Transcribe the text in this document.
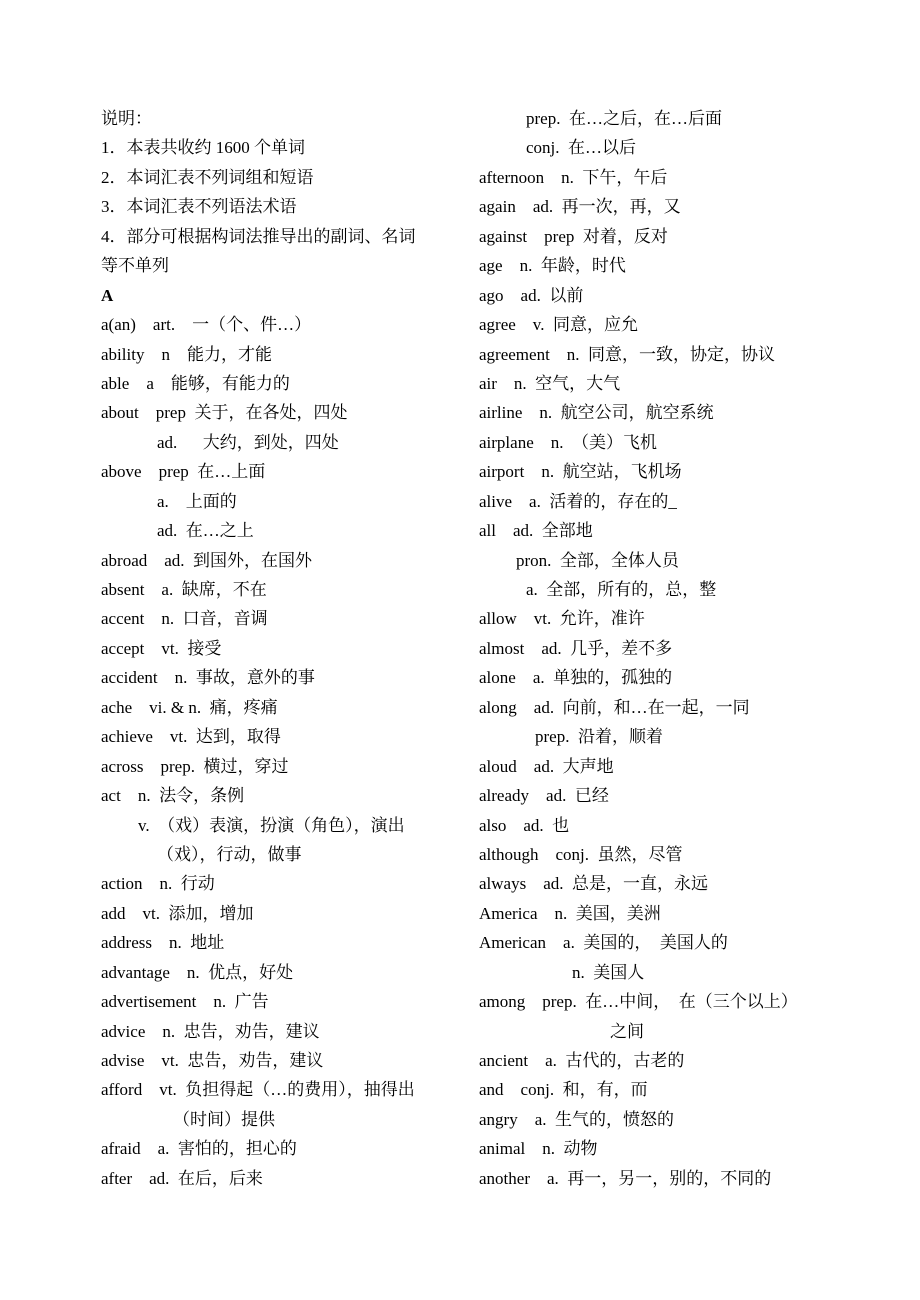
说明：
1．本表共收约 1600 个单词
2．本词汇表不列词组和短语
3．本词汇表不列语法术语
4．部分可根据构词法推导出的副词、名词
等不单列
A
a(an)    art.    一（个、件…）
ability    n    能力，才能
able    a    能够，有能力的
about    prep  关于，在各处，四处
ad.      大约，到处，四处
above    prep  在…上面
a.    上面的
ad.  在…之上
abroad    ad.  到国外，在国外
absent    a.  缺席，不在
accent    n.  口音，音调
accept    vt.  接受
accident    n.  事故，意外的事
ache    vi. & n.  痛，疼痛
achieve    vt.  达到，取得
across    prep.  横过，穿过
act    n.  法令，条例
v.  （戏）表演，扮演（角色），演出
（戏），行动，做事
action    n.  行动
add    vt.  添加，增加
address    n.  地址
advantage    n.  优点，好处
advertisement    n.  广告
advice    n.  忠告，劝告，建议
advise    vt.  忠告，劝告，建议
afford    vt.  负担得起（…的费用），抽得出
（时间）提供
afraid    a.  害怕的，担心的
after    ad.  在后，后来
prep.  在…之后，在…后面
conj.  在…以后
afternoon    n.  下午，午后
again    ad.  再一次，再，又
against    prep  对着，反对
age    n.  年龄，时代
ago    ad.  以前
agree    v.  同意，应允
agreement    n.  同意，一致，协定，协议
air    n.  空气，大气
airline    n.  航空公司，航空系统
airplane    n.  （美）飞机
airport    n.  航空站，飞机场
alive    a.  活着的，存在的_
all    ad.  全部地
pron.  全部，全体人员
a.  全部，所有的，总，整
allow    vt.  允许，准许
almost    ad.  几乎，差不多
alone    a.  单独的，孤独的
along    ad.  向前，和…在一起，一同
prep.  沿着，顺着
aloud    ad.  大声地
already    ad.  已经
also    ad.  也
although    conj.  虽然，尽管
always    ad.  总是，一直，永远
America    n.  美国，美洲
American    a.  美国的，  美国人的
n.  美国人
among    prep.  在…中间，  在（三个以上）
之间
ancient    a.  古代的，古老的
and    conj.  和，有，而
angry    a.  生气的，愤怒的
animal    n.  动物
another    a.  再一，另一，别的，不同的
